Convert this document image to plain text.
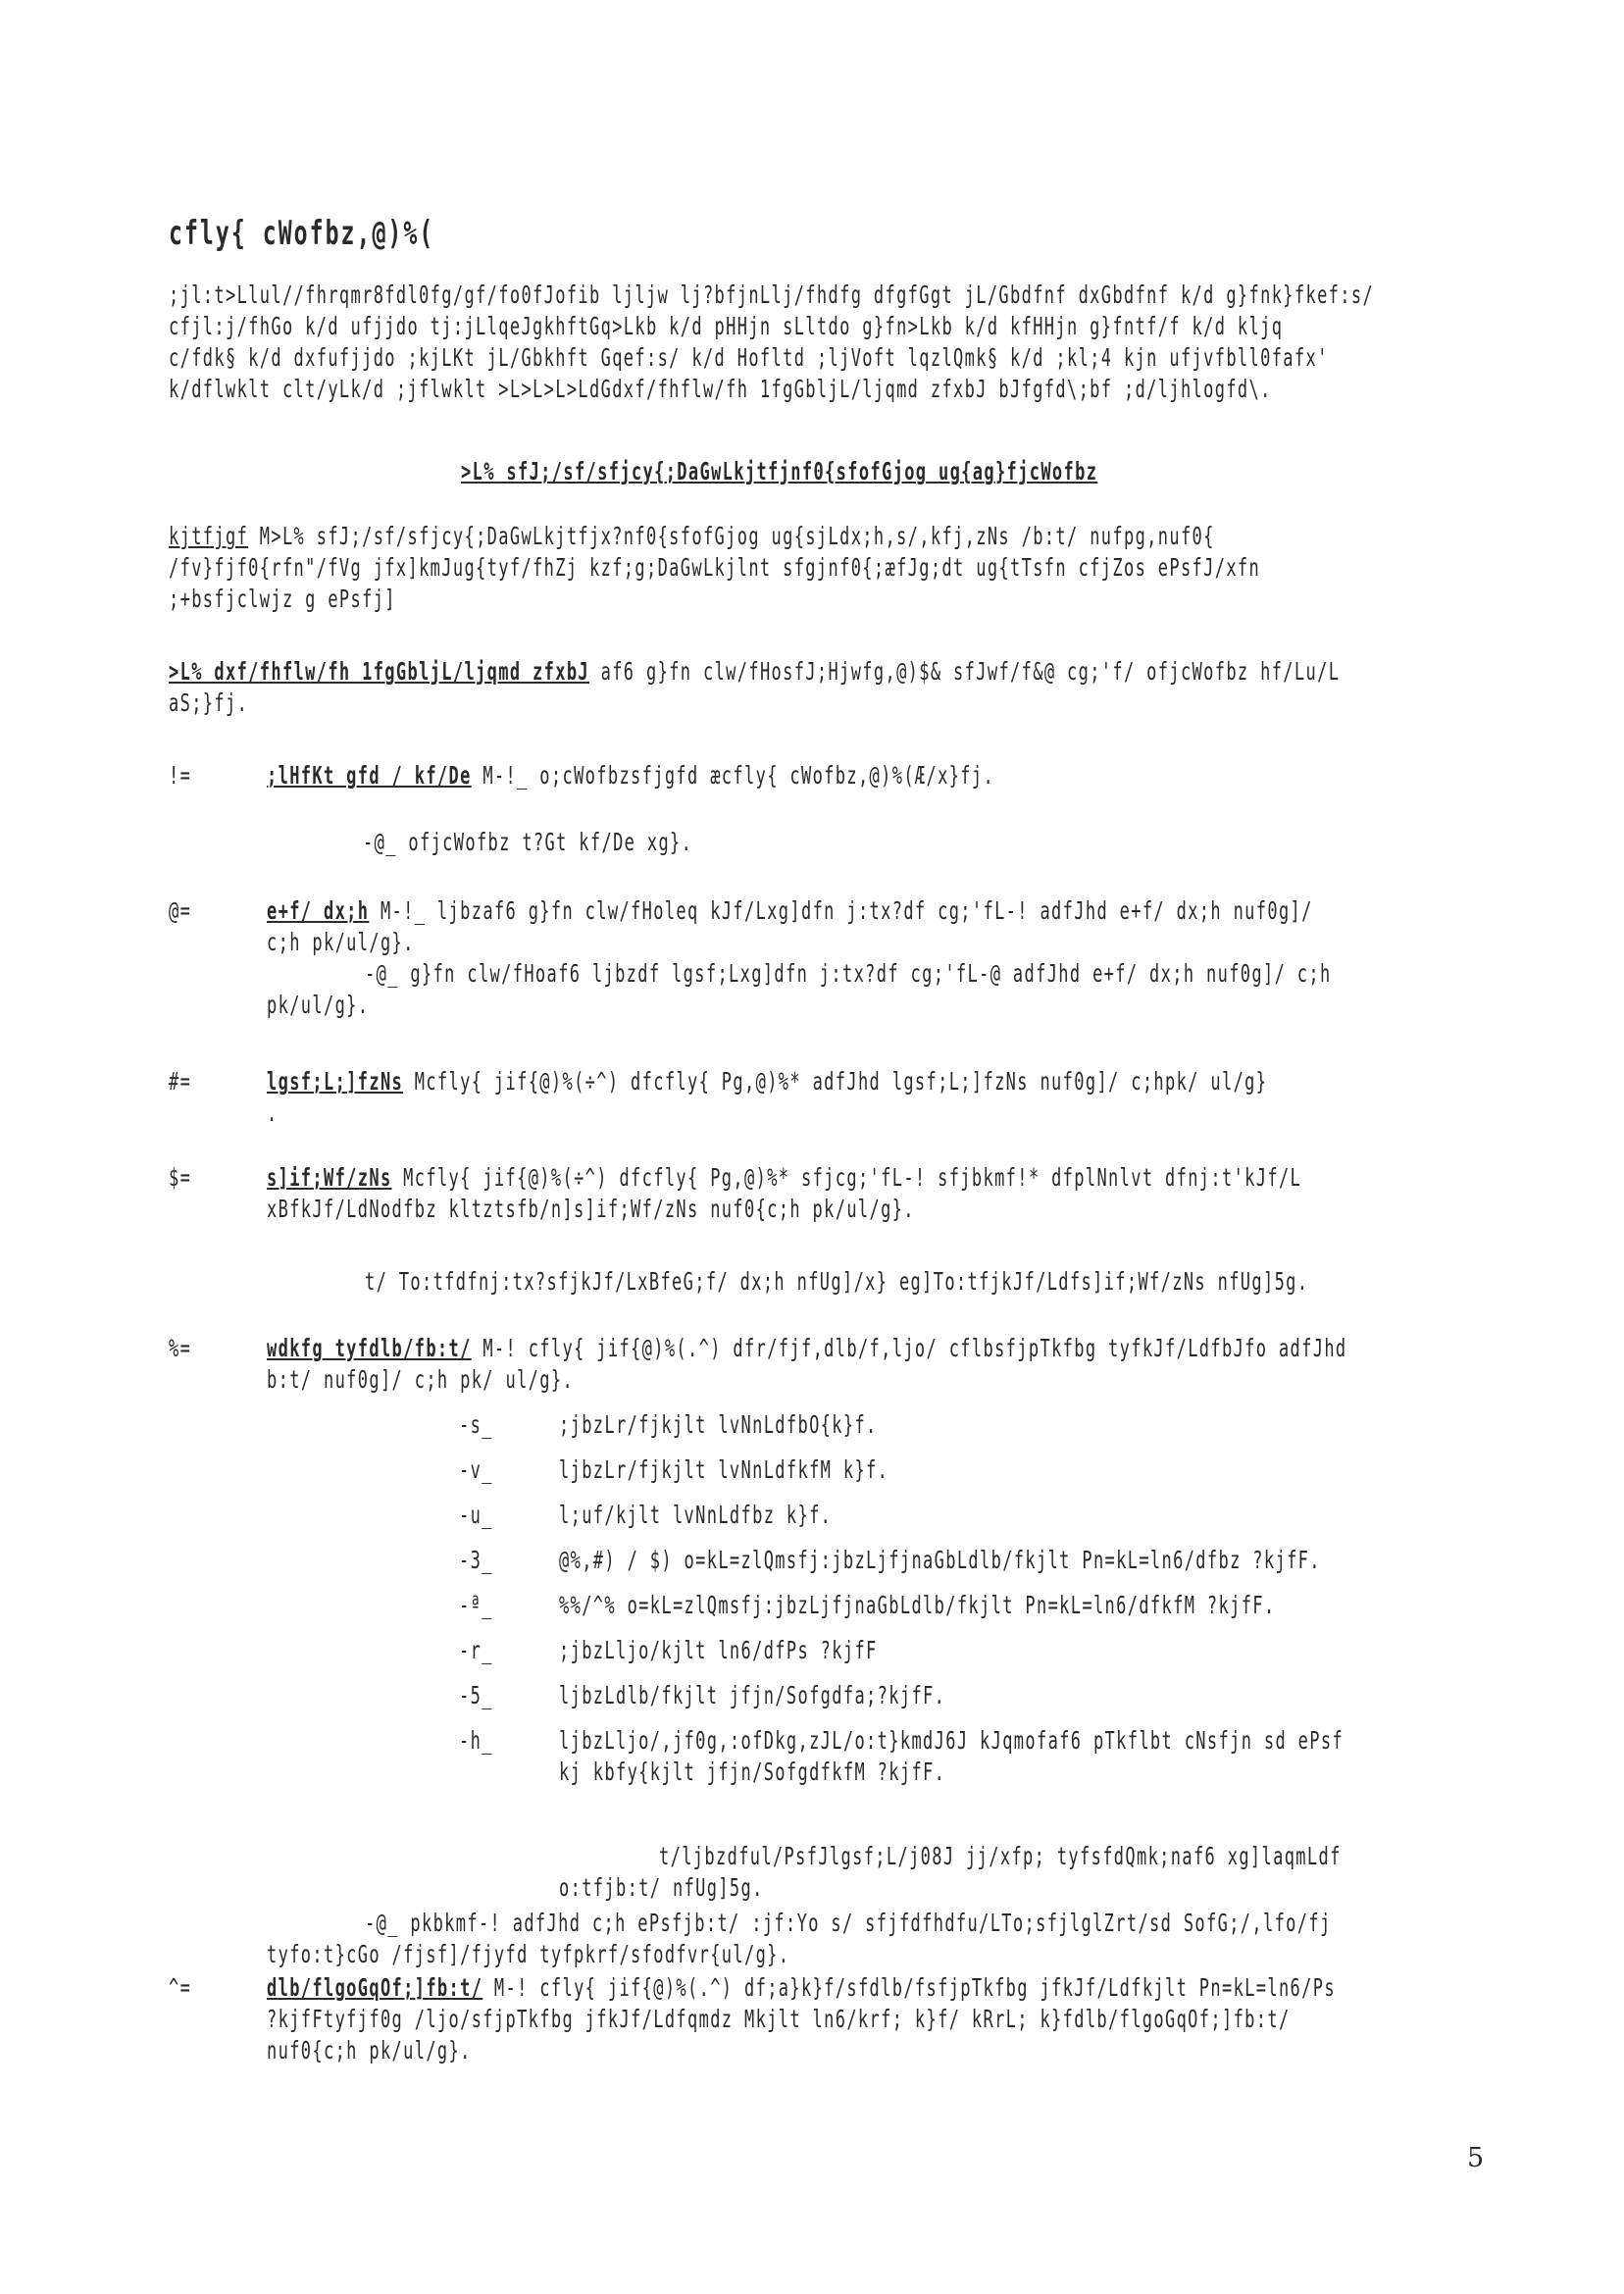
cfly{ cWofbz,@)%(
;jl:t>Llul//fhrqmr8fdl0fg/gf/fo0fJofib ljljw lj?bfjnLlj/fhdfg dfgfGgt jL/Gbdfnf dxGbdfnf k/d g}fnk}fkef:s/
cfjl:j/fhGo k/d ufjjdo tj:jLlqeJgkhftGq>Lkb k/d pHHjn sLltdo g}fn>Lkb k/d kfHHjn g}fntf/f k/d kljq
c/fdk§ k/d dxfufjjdo ;kjLKt jL/Gbkhft Gqef:s/ k/d Hofltd ;ljVoft lqzlQmk§ k/d ;kl;4 kjn ufjvfbll0fafx'
k/dflwklt clt/yLk/d ;jflwklt >L>L>L>LdGdxf/fhflw/fh 1fgGbljL/ljqmd zfxbJ bJfgfd\;bf ;d/ljhlogfd\.
>L% sfJ;/sf/sfjcy{;DaGwLkjtfjnf0{sfofGjog ug{ag}fjcWofbz
kjtfjgf M>L% sfJ;/sf/sfjcy{;DaGwLkjtfjx?nf0{sfofGjog ug{sjLdx;h,s/,kfj,zNs /b:t/ nufpg,nuf0{
/fv}fjf0{rfn"/fVg jfx]kmJug{tyf/fhZj kzf;g;DaGwLkjlnt sfgjnf0{;æfJg;dt ug{tTsfn cfjZos ePsfJ/xfn
;+bsfjclwjz g ePsfj]
>L% dxf/fhflw/fh 1fgGbljL/ljqmd zfxbJ af6 g}fn clw/fHosfJ;Hjwfg,@)$& sfJwf/f&@ cg;'f/ ofjcWofbz hf/Lu/L
aS;}fj.
!=	;lHfKt gfd / kf/De M-!_ o;cWofbzsfjgfd æcfly{ cWofbz,@)%(Æ/x}fj.
-@_ ofjcWofbz t?Gt kf/De xg}.
@=	e+f/ dx;h M-!_ ljbzaf6 g}fn clw/fHoleq kJf/Lxg]dfn j:tx?df cg;'fL-! adfJhd e+f/ dx;h nuf0g]/
c;h pk/ul/g}.
-@_ g}fn clw/fHoaf6 ljbzdf lgsf;Lxg]dfn j:tx?df cg;'fL-@ adfJhd e+f/ dx;h nuf0g]/ c;h
pk/ul/g}.
#=	lgsf;L;]fzNs Mcfly{ jif{@)%(÷^) dfcfly{ Pg,@)%* adfJhd lgsf;L;]fzNs nuf0g]/ c;hpk/ ul/g}
.
$=	s]if;Wf/zNs Mcfly{ jif{@)%(÷^) dfcfly{ Pg,@)%* sfjcg;'fL-! sfjbkmf!* dfplNnlvt dfnj:t'kJf/L
xBfkJf/LdNodfbz kltztsfb/n]s]if;Wf/zNs nuf0{c;h pk/ul/g}.
t/ To:tfdfnj:tx?sfjkJf/LxBfeG;f/ dx;h nfUg]/x} eg]To:tfjkJf/Ldfs]if;Wf/zNs nfUg]5g.
%=	wdkfg tyfdlb/fb:t/ M-! cfly{ jif{@)%(.^) dfr/fjf,dlb/f,ljo/ cflbsfjpTkfbg tyfkJf/LdfbJfo adfJhd
b:t/ nuf0g]/ c;h pk/ ul/g}.
-s_	;jbzLr/fjkjlt lvNnLdfbO{k}f.
-v_	ljbzLr/fjkjlt lvNnLdfkfM k}f.
-u_	l;uf/kjlt lvNnLdfbz k}f.
-3_	@%,#) / $) o=kL=zlQmsfj:jbzLjfjnaGbLdlb/fkjlt Pn=kL=ln6/dfbz ?kjfF.
-ª_	%%/^% o=kL=zlQmsfj:jbzLjfjnaGbLdlb/fkjlt Pn=kL=ln6/dfkfM ?kjfF.
-r_	;jbzLljo/kjlt ln6/dfPs ?kjfF
-5_	ljbzLdlb/fkjlt jfjn/Sofgdfa;?kjfF.
-h_	ljbzLljo/,jf0g,:ofDkg,zJL/o:t}kmdJ6J kJqmofaf6 pTkflbt cNsfjn sd ePsf
kj kbfy{kjlt jfjn/SofgdfkfM ?kjfF.
t/ljbzdful/PsfJlgsf;L/j08J jj/xfp; tyfsfdQmk;naf6 xg]laqmLdf
o:tfjb:t/ nfUg]5g.
-@_ pkbkmf-! adfJhd c;h ePsfjb:t/ :jf:Yo s/ sfjfdfhdfu/LTo;sfjlglZrt/sd SofG;/,lfo/fj
tyfo:t}cGo /fjsf]/fjyfd tyfpkrf/sfodfvr{ul/g}.
^=	dlb/flgoGqOf;]fb:t/ M-! cfly{ jif{@)%(.^) df;a}k}f/sfdlb/fsfjpTkfbg jfkJf/Ldfkjlt Pn=kL=ln6/Ps
?kjfFtyfjf0g /ljo/sfjpTkfbg jfkJf/Ldfqmdz Mkjlt ln6/krf; k}f/ kRrL; k}fdlb/flgoGqOf;]fb:t/
nuf0{c;h pk/ul/g}.
5
